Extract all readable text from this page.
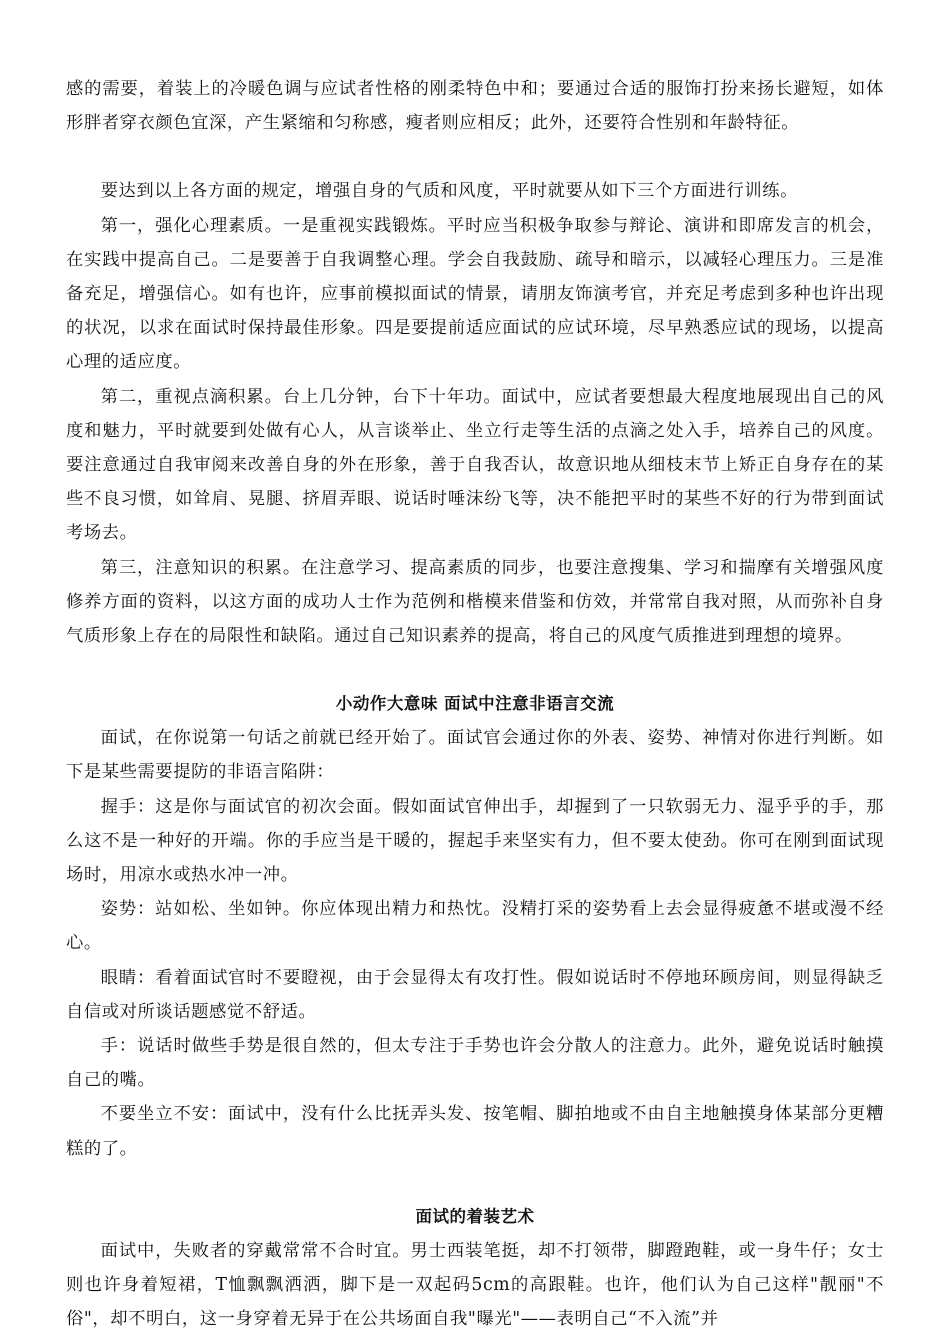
感的需要，着装上的冷暖色调与应试者性格的刚柔特色中和；要通过合适的服饰打扮来扬长避短，如体形胖者穿衣颜色宜深，产生紧缩和匀称感，瘦者则应相反；此外，还要符合性别和年龄特征。

要达到以上各方面的规定，增强自身的气质和风度，平时就要从如下三个方面进行训练。

第一，强化心理素质。一是重视实践锻炼。平时应当积极争取参与辩论、演讲和即席发言的机会，在实践中提高自己。二是要善于自我调整心理。学会自我鼓励、疏导和暗示，以减轻心理压力。三是准备充足，增强信心。如有也许，应事前模拟面试的情景，请朋友饰演考官，并充足考虑到多种也许出现的状况，以求在面试时保持最佳形象。四是要提前适应面试的应试环境，尽早熟悉应试的现场，以提高心理的适应度。

第二，重视点滴积累。台上几分钟，台下十年功。面试中，应试者要想最大程度地展现出自己的风度和魅力，平时就要到处做有心人，从言谈举止、坐立行走等生活的点滴之处入手，培养自己的风度。要注意通过自我审阅来改善自身的外在形象，善于自我否认，故意识地从细枝末节上矫正自身存在的某些不良习惯，如耸肩、晃腿、挤眉弄眼、说话时唾沫纷飞等，决不能把平时的某些不好的行为带到面试考场去。

第三，注意知识的积累。在注意学习、提高素质的同步，也要注意搜集、学习和揣摩有关增强风度修养方面的资料，以这方面的成功人士作为范例和楷模来借鉴和仿效，并常常自我对照，从而弥补自身气质形象上存在的局限性和缺陷。通过自己知识素养的提高，将自己的风度气质推进到理想的境界。

小动作大意味 面试中注意非语言交流

面试，在你说第一句话之前就已经开始了。面试官会通过你的外表、姿势、神情对你进行判断。如下是某些需要提防的非语言陷阱：

握手：这是你与面试官的初次会面。假如面试官伸出手，却握到了一只软弱无力、湿乎乎的手，那么这不是一种好的开端。你的手应当是干暖的，握起手来坚实有力，但不要太使劲。你可在刚到面试现场时，用凉水或热水冲一冲。

姿势：站如松、坐如钟。你应体现出精力和热忱。没精打采的姿势看上去会显得疲惫不堪或漫不经心。

眼睛：看着面试官时不要瞪视，由于会显得太有攻打性。假如说话时不停地环顾房间，则显得缺乏自信或对所谈话题感觉不舒适。

手：说话时做些手势是很自然的，但太专注于手势也许会分散人的注意力。此外，避免说话时触摸自己的嘴。

不要坐立不安：面试中，没有什么比抚弄头发、按笔帽、脚拍地或不由自主地触摸身体某部分更糟糕的了。

面试的着装艺术

面试中，失败者的穿戴常常不合时宜。男士西装笔挺，却不打领带，脚蹬跑鞋，或一身牛仔；女士则也许身着短裙，T恤飘飘洒洒，脚下是一双起码5cm的高跟鞋。也许，他们认为自己这样"靓丽"不俗"，却不明白，这一身穿着无异于在公共场面自我"曝光"——表明自己“不入流”并
